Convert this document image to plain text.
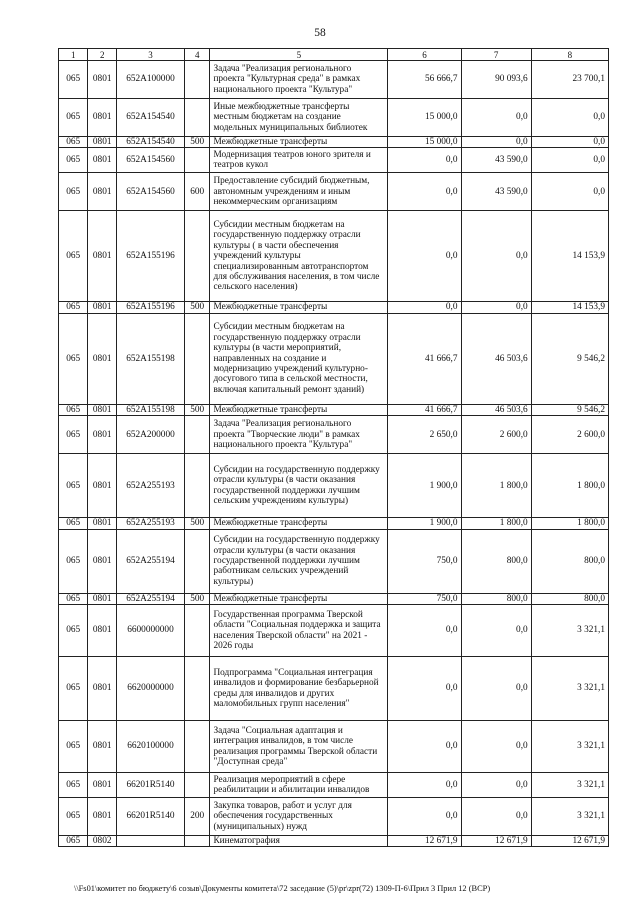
58
1	2	3	4	5	6	7	8
065	0801	652A100000		Задача "Реализация регионального проекта "Культурная среда" в рамках национального проекта "Культура"	56 666,7	90 093,6	23 700,1
065	0801	652A154540		Иные межбюджетные трансферты местным бюджетам на создание модельных муниципальных библиотек	15 000,0	0,0	0,0
065	0801	652A154540	500	Межбюджетные трансферты	15 000,0	0,0	0,0
065	0801	652A154560		Модернизация театров юного зрителя и театров кукол	0,0	43 590,0	0,0
065	0801	652A154560	600	Предоставление субсидий бюджетным, автономным учреждениям и иным некоммерческим организациям	0,0	43 590,0	0,0
065	0801	652A155196		Субсидии местным бюджетам на государственную поддержку отрасли культуры ( в части обеспечения учреждений культуры специализированным автотранспортом для обслуживания населения, в том числе сельского населения)	0,0	0,0	14 153,9
065	0801	652A155196	500	Межбюджетные трансферты	0,0	0,0	14 153,9
065	0801	652A155198		Субсидии местным бюджетам на государственную поддержку отрасли культуры (в части мероприятий, направленных на создание и модернизацию учреждений культурно-досугового типа в сельской местности, включая капитальный ремонт зданий)	41 666,7	46 503,6	9 546,2
065	0801	652A155198	500	Межбюджетные трансферты	41 666,7	46 503,6	9 546,2
065	0801	652A200000		Задача "Реализация регионального проекта "Творческие люди" в рамках национального проекта "Культура"	2 650,0	2 600,0	2 600,0
065	0801	652A255193		Субсидии на государственную поддержку отрасли культуры (в части оказания государственной поддержки лучшим сельским учреждениям культуры)	1 900,0	1 800,0	1 800,0
065	0801	652A255193	500	Межбюджетные трансферты	1 900,0	1 800,0	1 800,0
065	0801	652A255194		Субсидии на государственную поддержку отрасли культуры (в части оказания государственной поддержки лучшим работникам сельских учреждений культуры)	750,0	800,0	800,0
065	0801	652A255194	500	Межбюджетные трансферты	750,0	800,0	800,0
065	0801	6600000000		Государственная программа Тверской области "Социальная поддержка и защита населения Тверской области" на 2021 - 2026 годы	0,0	0,0	3 321,1
065	0801	6620000000		Подпрограмма "Социальная интеграция инвалидов и формирование безбарьерной среды для инвалидов и других маломобильных групп населения"	0,0	0,0	3 321,1
065	0801	6620100000		Задача "Социальная адаптация и интеграция инвалидов, в том числе реализация программы Тверской области "Доступная среда"	0,0	0,0	3 321,1
065	0801	66201R5140		Реализация мероприятий в сфере реабилитации и абилитации инвалидов	0,0	0,0	3 321,1
065	0801	66201R5140	200	Закупка товаров, работ и услуг для обеспечения государственных (муниципальных) нужд	0,0	0,0	3 321,1
065	0802			Кинематография	12 671,9	12 671,9	12 671,9
\\Fs01\комитет по бюджету\6 созыв\Документы комитета\72 заседание (5)\pr\zpr(72) 1309-П-6\Прил 3 Прил 12 (ВСР)
